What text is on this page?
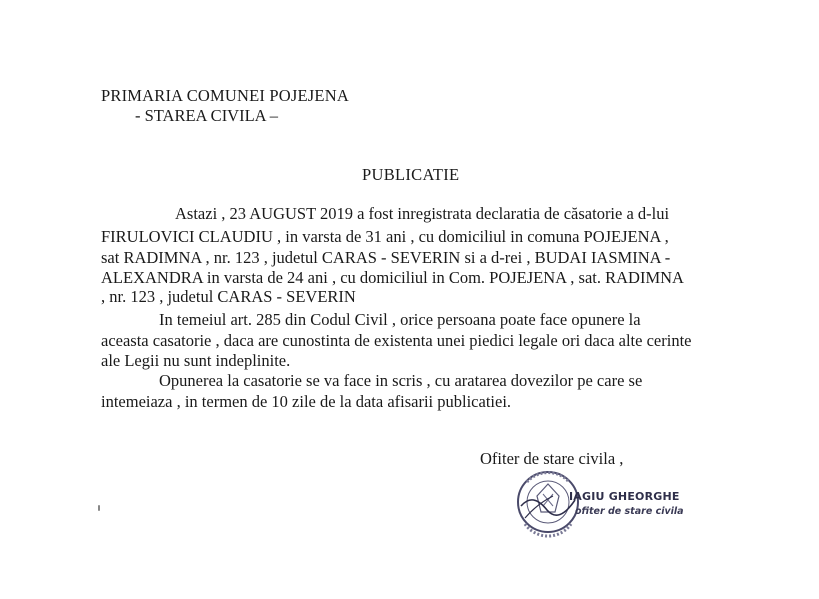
PRIMARIA COMUNEI POJEJENA

- STAREA CIVILA –

PUBLICATIE

Astazi , 23 AUGUST 2019 a fost inregistrata declaratia de căsatorie a d-lui

FIRULOVICI CLAUDIU , in varsta de 31 ani , cu domiciliul in comuna POJEJENA ,

sat RADIMNA , nr. 123 , judetul CARAS - SEVERIN si a d-rei , BUDAI IASMINA -

ALEXANDRA in varsta de 24 ani , cu domiciliul in Com. POJEJENA , sat. RADIMNA

, nr. 123 , judetul CARAS - SEVERIN

In temeiul art. 285 din Codul Civil , orice persoana poate face opunere la

aceasta casatorie , daca are cunostinta de existenta unei piedici legale ori daca alte cerinte

ale Legii nu sunt indeplinite.

Opunerea la casatorie se va face in scris , cu aratarea dovezilor pe care se

intemeiaza , in termen de 10 zile de la data afisarii publicatiei.

Ofiter de stare civila ,

IAGIU GHEORGHE
ofiter de stare civila
